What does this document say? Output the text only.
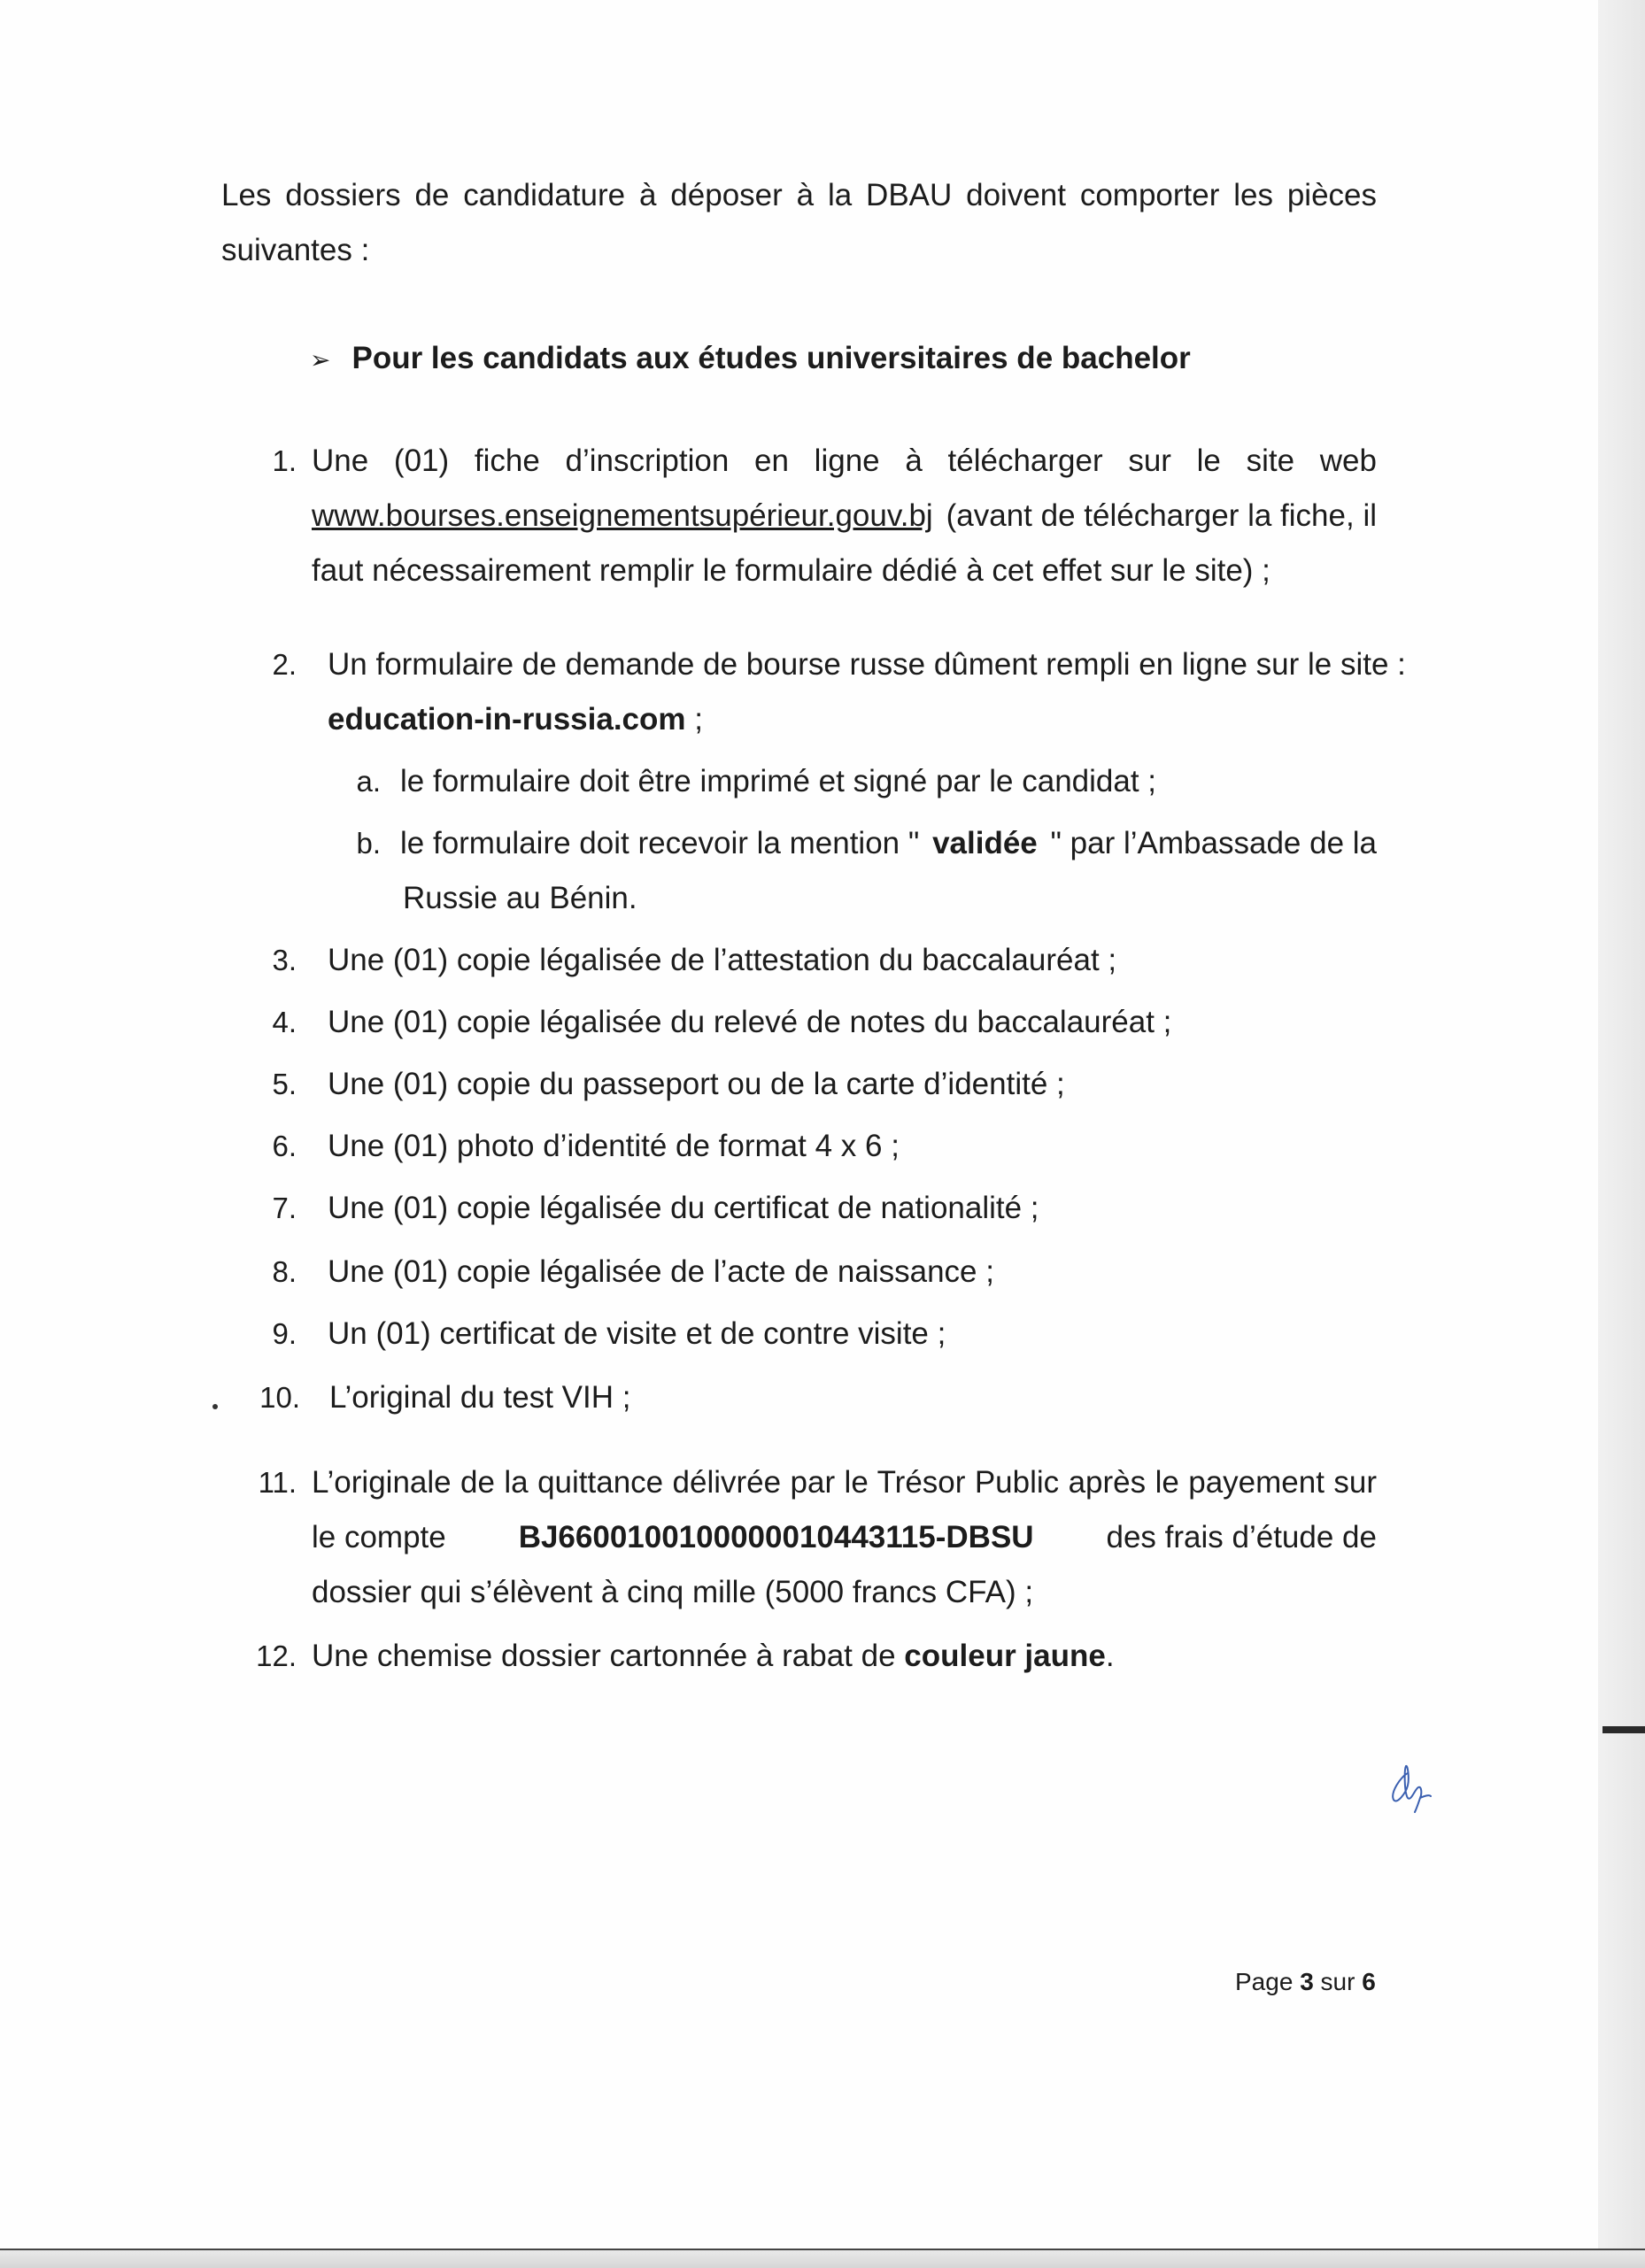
Les dossiers de candidature à déposer à la DBAU doivent comporter les pièces
suivantes :
➢ Pour les candidats aux études universitaires de bachelor
1. Une (01) fiche d’inscription en ligne à télécharger sur le site web
www.bourses.enseignementsupérieur.gouv.bj (avant de télécharger la fiche, il
faut nécessairement remplir le formulaire dédié à cet effet sur le site) ;
2. Un formulaire de demande de bourse russe dûment rempli en ligne sur le site :
education-in-russia.com ;
a. le formulaire doit être imprimé et signé par le candidat ;
b. le formulaire doit recevoir la mention " validée " par l’Ambassade de la
Russie au Bénin.
3. Une (01) copie légalisée de l’attestation du baccalauréat ;
4. Une (01) copie légalisée du relevé de notes du baccalauréat ;
5. Une (01) copie du passeport ou de la carte d’identité ;
6. Une (01) photo d’identité de format 4 x 6 ;
7. Une (01) copie légalisée du certificat de nationalité ;
8. Une (01) copie légalisée de l’acte de naissance ;
9. Un (01) certificat de visite et de contre visite ;
10. L’original du test VIH ;
11. L’originale de la quittance délivrée par le Trésor Public après le payement sur
le compte BJ6600100100000010443115-DBSU des frais d’étude de
dossier qui s’élèvent à cinq mille (5000 francs CFA) ;
12. Une chemise dossier cartonnée à rabat de couleur jaune.
Page 3 sur 6
